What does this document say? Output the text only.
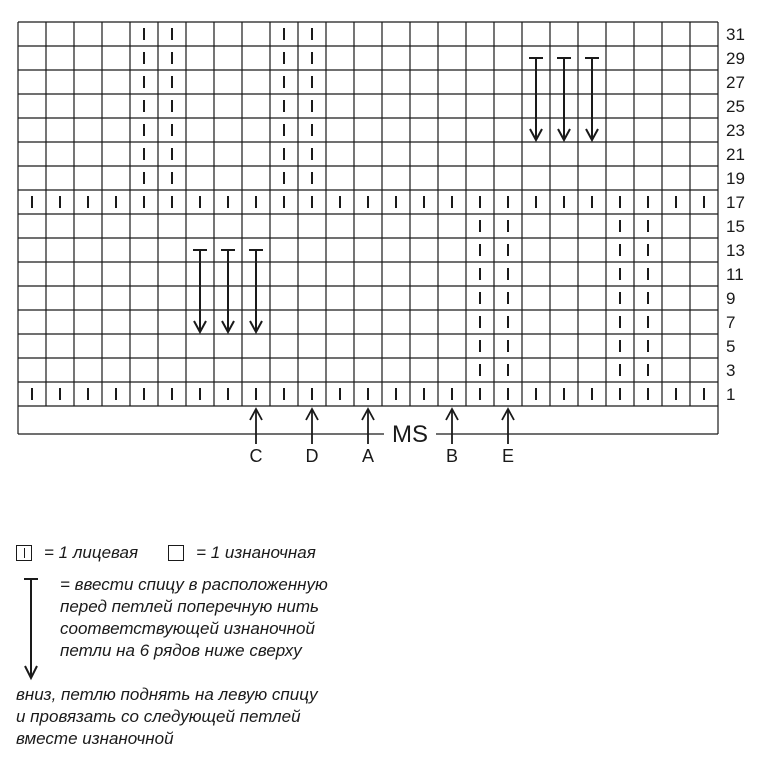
31
29
27
25
23
21
19
17
15
13
11
9
7
5
3
1
MS
C D A	B E
= 1 лицевая	= 1 изнаночная
= ввести спицу в расположенную
перед петлей поперечную нить
соответствующей изнаночной
петли на 6 рядов ниже сверху
вниз, петлю поднять на левую спицу
и провязать со следующей петлей
вместе изнаночной
